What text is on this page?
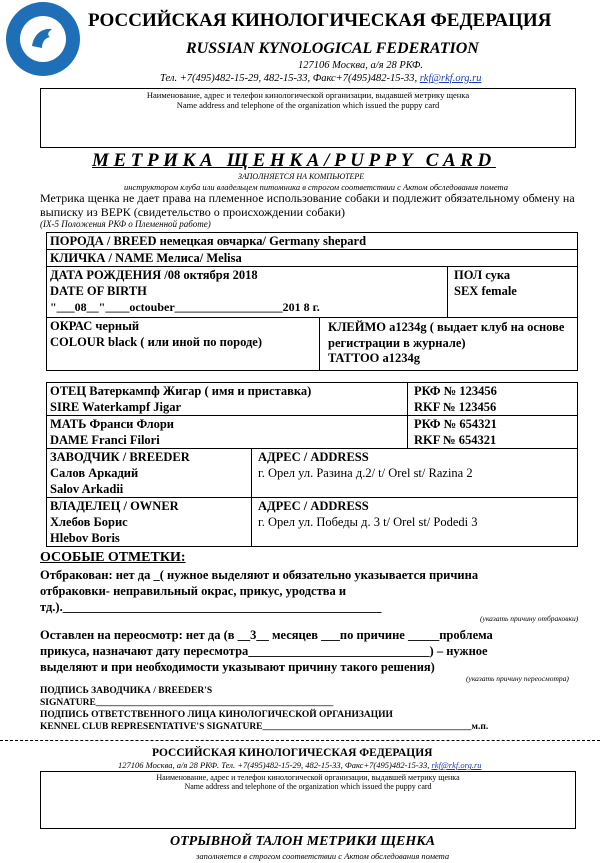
РОССИЙСКАЯ КИНОЛОГИЧЕСКАЯ ФЕДЕРАЦИЯ
RUSSIAN KYNOLOGICAL FEDERATION
127106 Москва, а/я 28 РКФ.
Тел. +7(495)482-15-29, 482-15-33, Факс+7(495)482-15-33, rkf@rkf.org.ru
Наименование, адрес и телефон кинологической организации, выдавшей метрику щенка
Name address and telephone of the organization which issued the puppy card
МЕТРИКА ЩЕНКА/PUPPY CARD
ЗАПОЛНЯЕТСЯ НА КОМПЬЮТЕРЕ
инструктором клуба или владельцем питомника в строгом соответствии с Актом обследования помета
Метрика щенка не дает права на племенное использование собаки и подлежит обязательному обмену на выписку из ВЕРК (свидетельство о происхождении собаки)
(IX-5 Положения РКФ о Племенной работе)
ПОРОДА / BREED немецкая овчарка/ Germany shepard
КЛИЧКА / NAME Мелиса/ Melisa
ДАТА РОЖДЕНИЯ /08 октября 2018
DATE OF BIRTH
"___08__"____octouber__________________201 8 г.
ПОЛ сука
SEX female
ОКРАС черный
COLOUR black ( или иной по породе)
КЛЕЙМО а1234g ( выдает клуб на основе регистрации в журнале)
TATTOO a1234g
ОТЕЦ Ватеркампф Жигар ( имя и приставка)
SIRE Waterkampf Jigar
РКФ № 123456
RKF № 123456
МАТЬ Франси Флори
DAME Franci Filori
РКФ № 654321
RKF № 654321
ЗАВОДЧИК / BREEDER
Салов Аркадий
Salov Arkadii
АДРЕС / ADDRESS
г. Орел ул. Разина д.2/ t/ Orel st/ Razina 2
ВЛАДЕЛЕЦ / OWNER
Хлебов Борис
Hlebov Boris
АДРЕС / ADDRESS
г. Орел ул. Победы д. 3 t/ Orel st/ Podedi 3
ОСОБЫЕ ОТМЕТКИ:
Отбракован: нет да _( нужное выделяют и обязательно указывается причина
отбраковки- неправильный окрас, прикус, уродства и
тд.).___________________________________________________
(указать причину отбраковки)
Оставлен на переосмотр: нет да (в __3__ месяцев ___по причине _____проблема
прикуса, назначают дату пересмотра_____________________________) – нужное
выделяют и при необходимости указывают причину такого решения)
(указать причину переосмотра)
ПОДПИСЬ ЗАВОДЧИКА / BREEDER'S
SIGNATURE__________________________________________________
ПОДПИСЬ ОТВЕТСТВЕННОГО ЛИЦА КИНОЛОГИЧЕСКОЙ ОРГАНИЗАЦИИ
KENNEL CLUB REPRESENTATIVE'S SIGNATURE____________________________________________м.п.
РОССИЙСКАЯ КИНОЛОГИЧЕСКАЯ ФЕДЕРАЦИЯ
127106 Москва, а/я 28 РКФ. Тел. +7(495)482-15-29, 482-15-33, Факс+7(495)482-15-33, rkf@rkf.org.ru
Наименование, адрес и телефон кинологической организации, выдавшей метрику щенка
Name address and telephone of the organization which issued the puppy card
ОТРЫВНОЙ ТАЛОН МЕТРИКИ ЩЕНКА
заполняется в строгом соответствии с Актом обследования помета
